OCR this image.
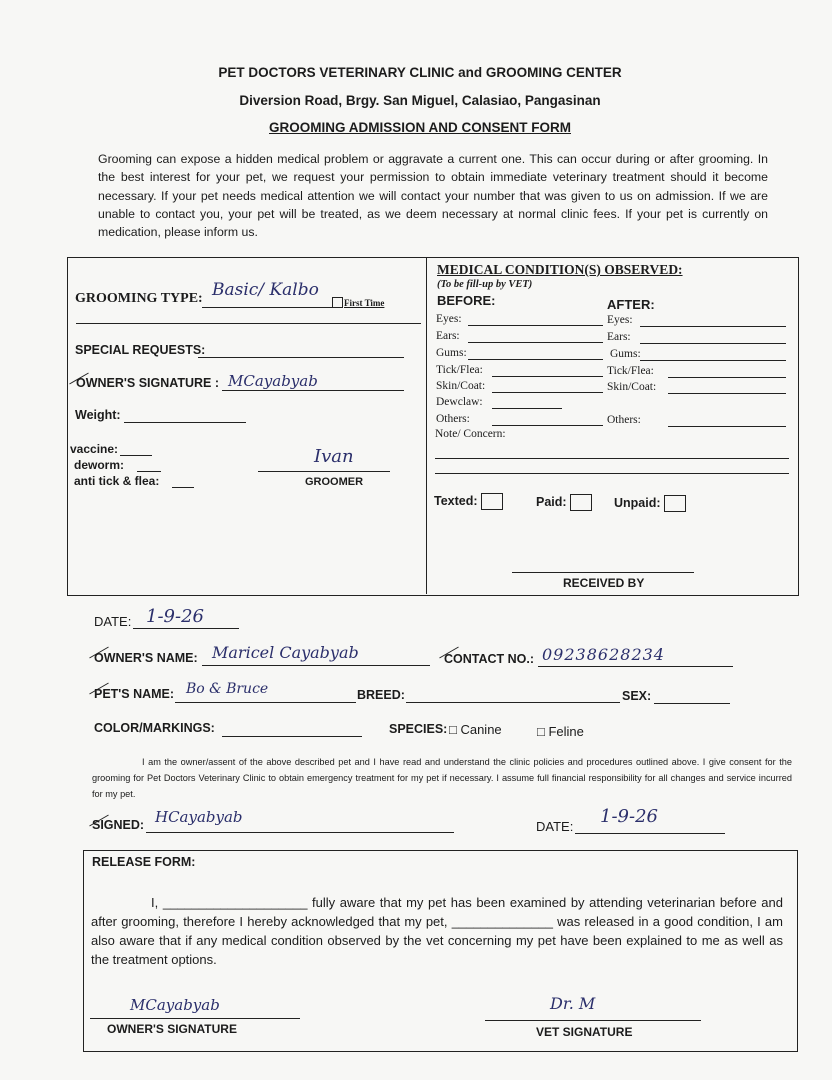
PET DOCTORS VETERINARY CLINIC and GROOMING CENTER
Diversion Road, Brgy. San Miguel, Calasiao, Pangasinan
GROOMING ADMISSION AND CONSENT FORM
Grooming can expose a hidden medical problem or aggravate a current one. This can occur during or after grooming. In the best interest for your pet, we request your permission to obtain immediate veterinary treatment should it become necessary. If your pet needs medical attention we will contact your number that was given to us on admission. If we are unable to contact you, your pet will be treated, as we deem necessary at normal clinic fees. If your pet is currently on medication, please inform us.
GROOMING TYPE: Basic/ Kalbo
First Time
SPECIAL REQUESTS:
OWNER'S SIGNATURE : MCayabyab
Weight:
vaccine:
deworm:
anti tick & flea:
Ivan
GROOMER
MEDICAL CONDITION(S) OBSERVED:
(To be fill-up by VET)
BEFORE:	AFTER:
Eyes:	Eyes:
Ears:	Ears:
Gums:	Gums:
Tick/Flea:	Tick/Flea:
Skin/Coat:	Skin/Coat:
Dewclaw:
Others:	Others:
Note/ Concern:
Texted:	Paid:	Unpaid:
RECEIVED BY
DATE: 1-9-26
OWNER'S NAME: Maricel Cayabyab	CONTACT NO.: 09238628234
PET'S NAME: Bo & Bruce	BREED:	SEX:
COLOR/MARKINGS:	SPECIES: □ Canine	□ Feline
I am the owner/assent of the above described pet and I have read and understand the clinic policies and procedures outlined above. I give consent for the grooming for Pet Doctors Veterinary Clinic to obtain emergency treatment for my pet if necessary. I assume full financial responsibility for all changes and service incurred for my pet.
SIGNED: HCayabyab
DATE: 1-9-26
RELEASE FORM:
I, ____________________ fully aware that my pet has been examined by attending veterinarian before and after grooming, therefore I hereby acknowledged that my pet, ______________ was released in a good condition, I am also aware that if any medical condition observed by the vet concerning my pet have been explained to me as well as the treatment options.
MCayabyab
OWNER'S SIGNATURE
Dr. M
VET SIGNATURE
